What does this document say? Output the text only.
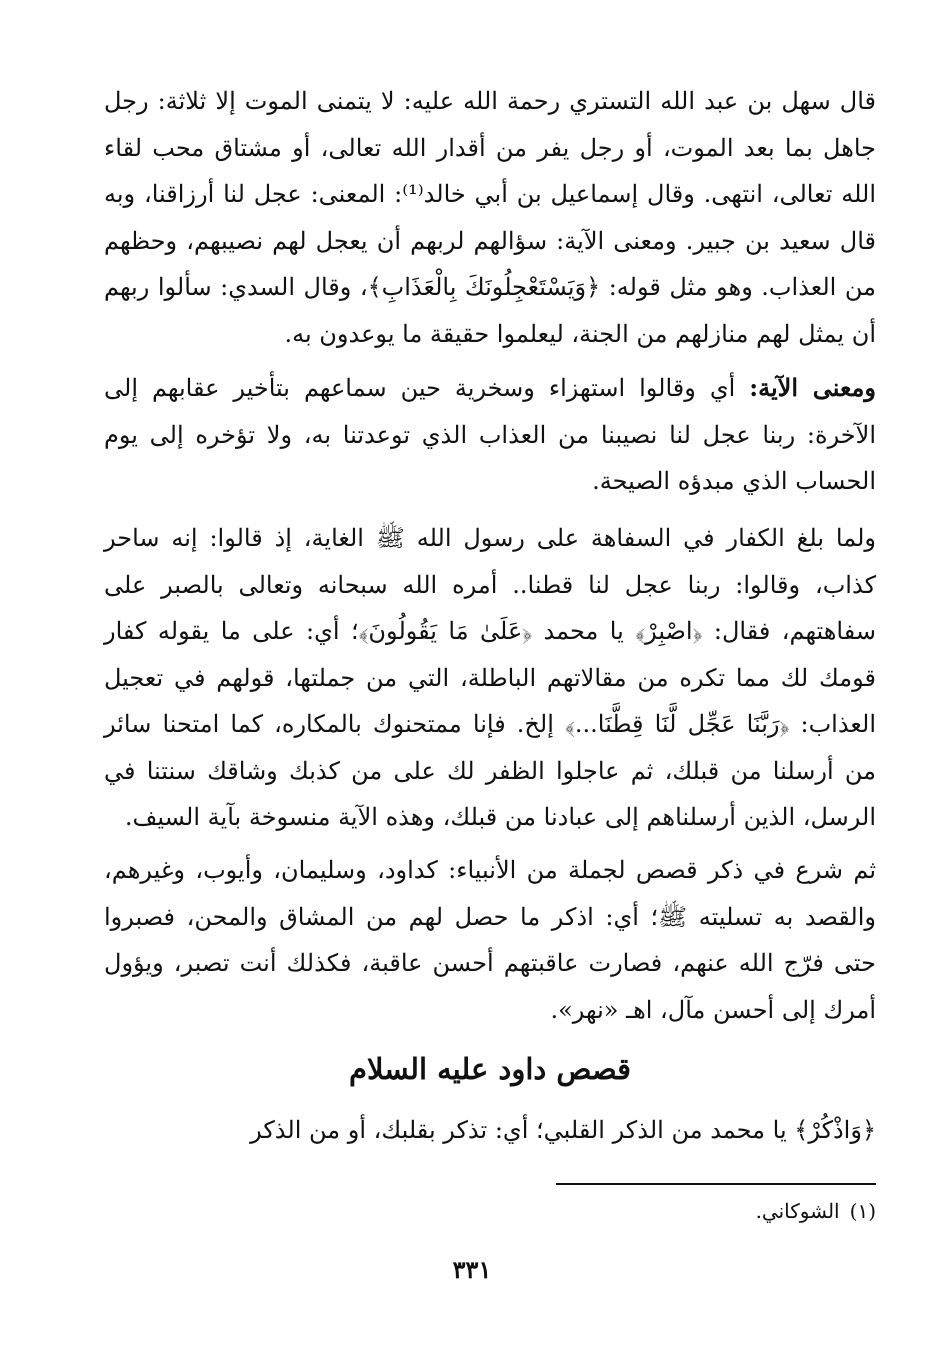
قال سهل بن عبد الله التستري رحمة الله عليه: لا يتمنى الموت إلا ثلاثة: رجل جاهل بما بعد الموت، أو رجل يفر من أقدار الله تعالى، أو مشتاق محب لقاء الله تعالى، انتهى. وقال إسماعيل بن أبي خالد⁽¹⁾: المعنى: عجل لنا أرزاقنا، وبه قال سعيد بن جبير. ومعنى الآية: سؤالهم لربهم أن يعجل لهم نصيبهم، وحظهم من العذاب. وهو مثل قوله: ﴿وَيَسْتَعْجِلُونَكَ بِالْعَذَابِ﴾، وقال السدي: سألوا ربهم أن يمثل لهم منازلهم من الجنة، ليعلموا حقيقة ما يوعدون به.

ومعنى الآية: أي وقالوا استهزاء وسخرية حين سماعهم بتأخير عقابهم إلى الآخرة: ربنا عجل لنا نصيبنا من العذاب الذي توعدتنا به، ولا تؤخره إلى يوم الحساب الذي مبدؤه الصيحة.

ولما بلغ الكفار في السفاهة على رسول الله ﷺ الغاية، إذ قالوا: إنه ساحر كذاب، وقالوا: ربنا عجل لنا قطنا.. أمره الله سبحانه وتعالى بالصبر على سفاهتهم، فقال: ﴿اصْبِرْ﴾ يا محمد ﴿عَلَىٰ مَا يَقُولُونَ﴾؛ أي: على ما يقوله كفار قومك لك مما تكره من مقالاتهم الباطلة، التي من جملتها، قولهم في تعجيل العذاب: ﴿رَبَّنَا عَجِّل لَّنَا قِطَّنَا...﴾ إلخ. فإنا ممتحنوك بالمكاره، كما امتحنا سائر من أرسلنا من قبلك، ثم عاجلوا الظفر لك على من كذبك وشاقك سنتنا في الرسل، الذين أرسلناهم إلى عبادنا من قبلك، وهذه الآية منسوخة بآية السيف.

ثم شرع في ذكر قصص لجملة من الأنبياء: كداود، وسليمان، وأيوب، وغيرهم، والقصد به تسليته ﷺ؛ أي: اذكر ما حصل لهم من المشاق والمحن، فصبروا حتى فرّج الله عنهم، فصارت عاقبتهم أحسن عاقبة، فكذلك أنت تصبر، ويؤول أمرك إلى أحسن مآل، اهـ «نهر».

قصص داود عليه السلام

﴿وَاذْكُرْ﴾ يا محمد من الذكر القلبي؛ أي: تذكر بقلبك، أو من الذكر

(١)الشوكاني.

٣٣١
